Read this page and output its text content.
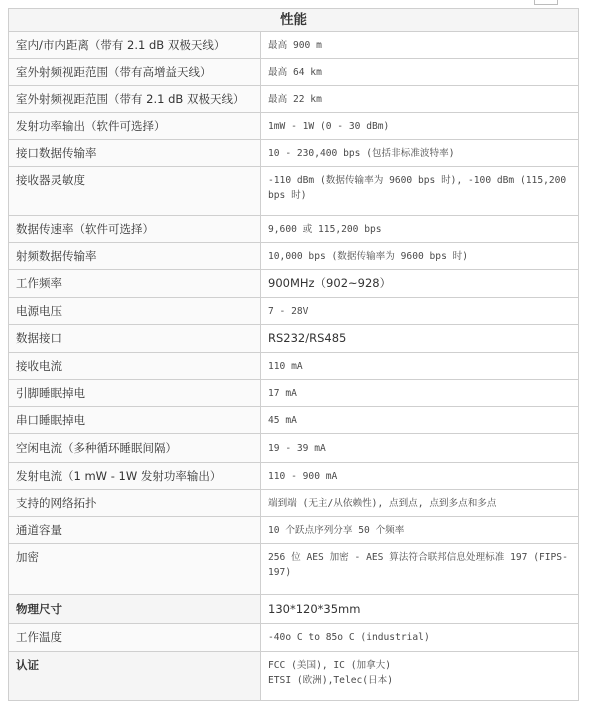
性能	
室内/市内距离（带有 2.1 dB 双极天线）	最高 900 m
室外射频视距范围（带有高增益天线）	最高 64 km
室外射频视距范围（带有 2.1 dB 双极天线）	最高 22 km
发射功率输出（软件可选择）	1mW - 1W (0 - 30 dBm)
接口数据传输率	10 - 230,400 bps (包括非标准波特率)
接收器灵敏度	-110 dBm (数据传输率为 9600 bps 时), -100 dBm (115,200 bps 时)
数据传速率（软件可选择）	9,600 或 115,200 bps
射频数据传输率	10,000 bps (数据传输率为 9600 bps 时)
工作频率	900MHz（902~928）
电源电压	7 - 28V
数据接口	RS232/RS485
接收电流	110 mA
引脚睡眠掉电	17 mA
串口睡眠掉电	45 mA
空闲电流（多种循环睡眠间隔）	19 - 39 mA
发射电流（1 mW - 1W 发射功率输出）	110 - 900 mA
支持的网络拓扑	端到端 (无主/从依赖性), 点到点, 点到多点和多点
通道容量	10 个跃点序列分享 50 个频率
加密	256 位 AES 加密 - AES 算法符合联邦信息处理标准 197 (FIPS-197)
物理尺寸	130*120*35mm
工作温度	-40o C to 85o C (industrial)
认证	FCC (美国), IC (加拿大)
ETSI (欧洲),Telec(日本)
